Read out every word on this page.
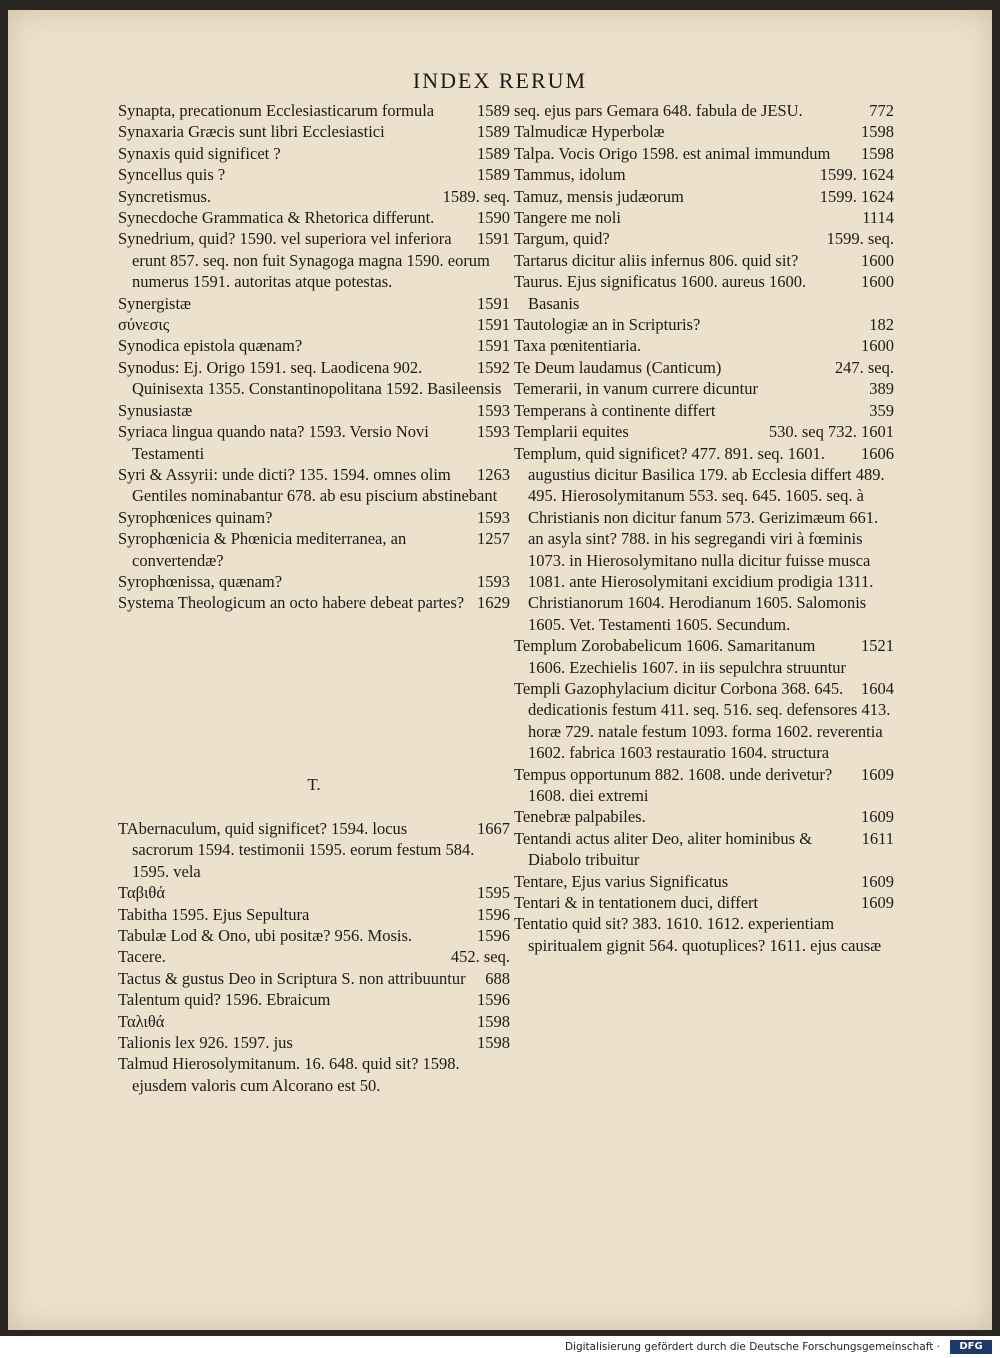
INDEX RERUM
1589
Synapta, precationum Ecclesiasticarum formula
1589
Synaxaria Græcis sunt libri Ecclesiastici
1589
Synaxis quid significet ?
1589
Syncellus quis ?
1589. seq.
Syncretismus.
1590
Synecdoche Grammatica & Rhetorica differunt.
1591
Synedrium, quid? 1590. vel superiora vel inferiora erunt 857. seq. non fuit Synagoga magna 1590. eorum numerus 1591. autoritas atque potestas.
1591
Synergistæ
1591
σύνεσις
1591
Synodica epistola quænam?
1592
Synodus: Ej. Origo 1591. seq. Laodicena 902. Quinisexta 1355. Constantinopolitana 1592. Basileensis
1593
Synusiastæ
1593
Syriaca lingua quando nata? 1593. Versio Novi Testamenti
1263
Syri & Assyrii: unde dicti? 135. 1594. omnes olim Gentiles nominabantur 678. ab esu piscium abstinebant
1593
Syrophœnices quinam?
1257
Syrophœnicia & Phœnicia mediterranea, an convertendæ?
1593
Syrophœnissa, quænam?
1629
Systema Theologicum an octo habere debeat partes?
T.
1667
TAbernaculum, quid significet? 1594. locus sacrorum 1594. testimonii 1595. eorum festum 584. 1595. vela
1595
Ταβιθά
1596
Tabitha 1595. Ejus Sepultura
1596
Tabulæ Lod & Ono, ubi positæ? 956. Mosis.
452. seq.
Tacere.
688
Tactus & gustus Deo in Scriptura S. non attribuuntur
1596
Talentum quid? 1596. Ebraicum
1598
Ταλιθά
1598
Talionis lex 926. 1597. jus
Talmud Hierosolymitanum. 16. 648. quid sit? 1598. ejusdem valoris cum Alcorano est 50.
772
seq. ejus pars Gemara 648. fabula de JESU.
1598
Talmudicæ Hyperbolæ
1598
Talpa. Vocis Origo 1598. est animal immundum
1599. 1624
Tammus, idolum
1599. 1624
Tamuz, mensis judæorum
1114
Tangere me noli
1599. seq.
Targum, quid?
1600
Tartarus dicitur aliis infernus 806. quid sit?
1600
Taurus. Ejus significatus 1600. aureus 1600. Basanis
182
Tautologiæ an in Scripturis?
1600
Taxa pœnitentiaria.
247. seq.
Te Deum laudamus (Canticum)
389
Temerarii, in vanum currere dicuntur
359
Temperans à continente differt
530. seq 732. 1601
Templarii equites
1606
Templum, quid significet? 477. 891. seq. 1601. augustius dicitur Basilica 179. ab Ecclesia differt 489. 495. Hierosolymitanum 553. seq. 645. 1605. seq. à Christianis non dicitur fanum 573. Gerizimæum 661. an asyla sint? 788. in his segregandi viri à fœminis 1073. in Hierosolymitano nulla dicitur fuisse musca 1081. ante Hierosolymitani excidium prodigia 1311. Christianorum 1604. Herodianum 1605. Salomonis 1605. Vet. Testamenti 1605. Secundum.
1521
Templum Zorobabelicum 1606. Samaritanum 1606. Ezechielis 1607. in iis sepulchra struuntur
1604
Templi Gazophylacium dicitur Corbona 368. 645. dedicationis festum 411. seq. 516. seq. defensores 413. horæ 729. natale festum 1093. forma 1602. reverentia 1602. fabrica 1603 restauratio 1604. structura
1609
Tempus opportunum 882. 1608. unde derivetur? 1608. diei extremi
1609
Tenebræ palpabiles.
1611
Tentandi actus aliter Deo, aliter hominibus & Diabolo tribuitur
1609
Tentare, Ejus varius Significatus
1609
Tentari & in tentationem duci, differt
Tentatio quid sit? 383. 1610. 1612. experientiam spiritualem gignit 564. quotuplices? 1611. ejus causæ
Digitalisierung gefördert durch die Deutsche Forschungsgemeinschaft ·	DFG
